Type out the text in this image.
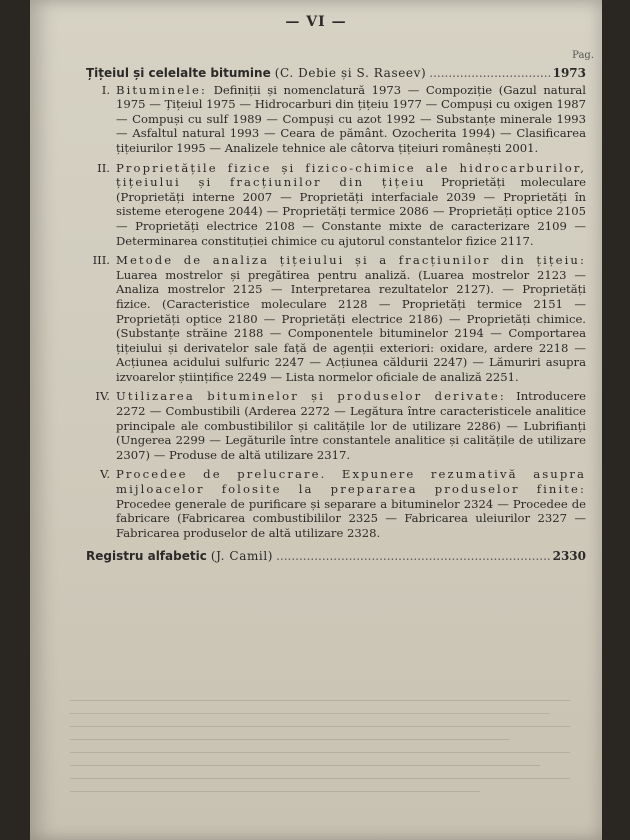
— VI —
Pag.
Țițeiul și celelalte bitumine (C. Debie și S. Raseev) .....	1973
I. Bituminele: Definiții și nomenclatură 1973 — Compoziție (Gazul natural 1975 — Țițeiul 1975 — Hidrocarburi din țițeiu 1977 — Compuși cu oxigen 1987 — Compuși cu sulf 1989 — Compuși cu azot 1992 — Substanțe minerale 1993 — Asfaltul natural 1993 — Ceara de pământ. Ozocherita 1994) — Clasificarea țițeiurilor 1995 — Analizele tehnice ale câtorva țițeiuri românești 2001.
II. Proprietățile fizice și fizico-chimice ale hidrocarburilor, țițeiului și fracțiunilor din țițeiu Proprietăți moleculare (Proprietăți interne 2007 — Proprietăți interfaciale 2039 — Proprietăți în sisteme eterogene 2044) — Proprietăți termice 2086 — Proprietăți optice 2105 — Proprietăți electrice 2108 — Constante mixte de caracterizare 2109 — Determinarea constituției chimice cu ajutorul constantelor fizice 2117.
III. Metode de analiza țițeiului și a fracțiunilor din țițeiu: Luarea mostrelor și pregătirea pentru analiză. (Luarea mostrelor 2123 — Analiza mostrelor 2125 — Interpretarea rezultatelor 2127). — Proprietăți fizice. (Caracteristice moleculare 2128 — Proprietăți termice 2151 — Proprietăți optice 2180 — Proprietăți electrice 2186) — Proprietăți chimice. (Substanțe străine 2188 — Componentele bituminelor 2194 — Comportarea țițeiului și derivatelor sale față de agenții exteriori: oxidare, ardere 2218 — Acțiunea acidului sulfuric 2247 — Acțiunea căldurii 2247) — Lămuriri asupra izvoarelor științifice 2249 — Lista normelor oficiale de analiză 2251.
IV. Utilizarea bituminelor și produselor derivate: Introducere 2272 — Combustibili (Arderea 2272 — Legătura între caracteristicele analitice principale ale combustibililor și calitățile lor de utilizare 2286) — Lubrifianți (Ungerea 2299 — Legăturile între constantele analitice și calitățile de utilizare 2307) — Produse de altă utilizare 2317.
V. Procedee de prelucrare. Expunere rezumativă asupra mijloacelor folosite la prepararea produselor finite: Procedee generale de purificare și separare a bituminelor 2324 — Procedee de fabricare (Fabricarea combustibililor 2325 — Fabricarea uleiurilor 2327 — Fabricarea produselor de altă utilizare 2328.
Registru alfabetic (J. Camil) .....	2330
